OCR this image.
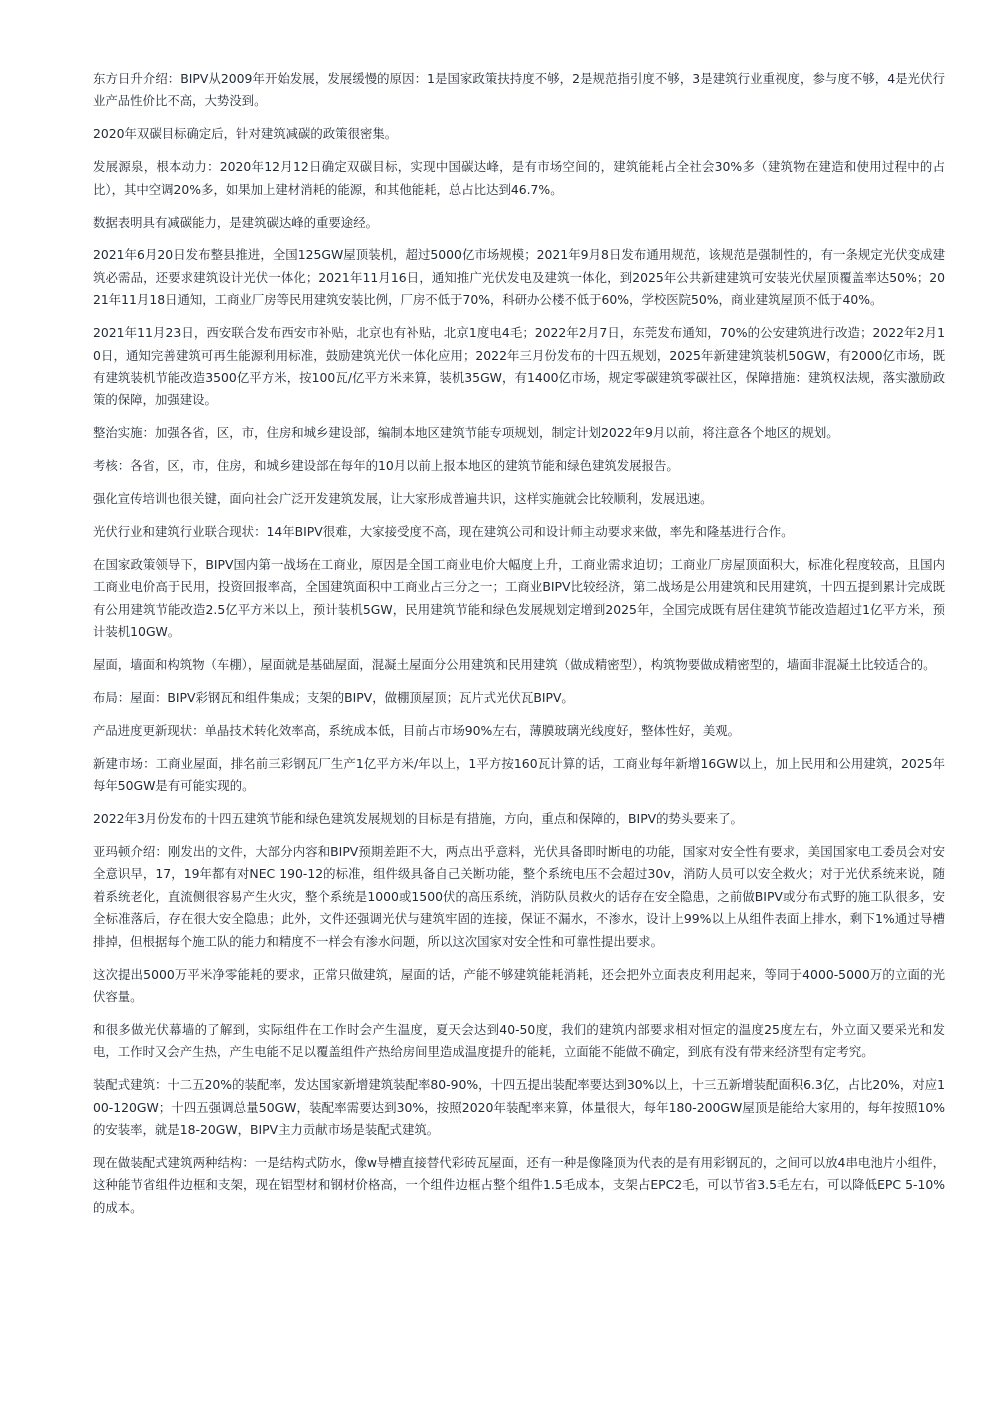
东方日升介绍：BIPV从2009年开始发展，发展缓慢的原因：1是国家政策扶持度不够，2是规范指引度不够，3是建筑行业重视度，参与度不够，4是光伏行业产品性价比不高，大势没到。

2020年双碳目标确定后，针对建筑减碳的政策很密集。

发展源泉，根本动力：2020年12月12日确定双碳目标，实现中国碳达峰，是有市场空间的，建筑能耗占全社会30%多（建筑物在建造和使用过程中的占比），其中空调20%多，如果加上建材消耗的能源，和其他能耗，总占比达到46.7%。

数据表明具有减碳能力，是建筑碳达峰的重要途经。

2021年6月20日发布整县推进，全国125GW屋顶装机，超过5000亿市场规模；2021年9月8日发布通用规范，该规范是强制性的，有一条规定光伏变成建筑必需品，还要求建筑设计光伏一体化；2021年11月16日，通知推广光伏发电及建筑一体化，到2025年公共新建建筑可安装光伏屋顶覆盖率达50%；2021年11月18日通知，工商业厂房等民用建筑安装比例，厂房不低于70%，科研办公楼不低于60%，学校医院50%，商业建筑屋顶不低于40%。

2021年11月23日，西安联合发布西安市补贴，北京也有补贴，北京1度电4毛；2022年2月7日，东莞发布通知，70%的公安建筑进行改造；2022年2月10日，通知完善建筑可再生能源利用标准，鼓励建筑光伏一体化应用；2022年三月份发布的十四五规划，2025年新建建筑装机50GW，有2000亿市场，既有建筑装机节能改造3500亿平方米，按100瓦/亿平方米来算，装机35GW，有1400亿市场，规定零碳建筑零碳社区，保障措施：建筑权法规，落实激励政策的保障，加强建设。

整治实施：加强各省，区，市，住房和城乡建设部，编制本地区建筑节能专项规划，制定计划2022年9月以前，将注意各个地区的规划。

考核：各省，区，市，住房，和城乡建设部在每年的10月以前上报本地区的建筑节能和绿色建筑发展报告。

强化宣传培训也很关键，面向社会广泛开发建筑发展，让大家形成普遍共识，这样实施就会比较顺利，发展迅速。

光伏行业和建筑行业联合现状：14年BIPV很难，大家接受度不高，现在建筑公司和设计师主动要求来做，率先和隆基进行合作。

在国家政策领导下，BIPV国内第一战场在工商业，原因是全国工商业电价大幅度上升，工商业需求迫切；工商业厂房屋顶面积大，标准化程度较高，且国内工商业电价高于民用，投资回报率高，全国建筑面积中工商业占三分之一；工商业BIPV比较经济，第二战场是公用建筑和民用建筑，十四五提到累计完成既有公用建筑节能改造2.5亿平方米以上，预计装机5GW，民用建筑节能和绿色发展规划定增到2025年，全国完成既有居住建筑节能改造超过1亿平方米，预计装机10GW。

屋面，墙面和构筑物（车棚），屋面就是基础屋面，混凝土屋面分公用建筑和民用建筑（做成精密型），构筑物要做成精密型的，墙面非混凝土比较适合的。

布局：屋面：BIPV彩钢瓦和组件集成；支架的BIPV，做棚顶屋顶；瓦片式光伏瓦BIPV。

产品进度更新现状：单晶技术转化效率高，系统成本低，目前占市场90%左右，薄膜玻璃光线度好，整体性好，美观。

新建市场：工商业屋面，排名前三彩钢瓦厂生产1亿平方米/年以上，1平方按160瓦计算的话，工商业每年新增16GW以上，加上民用和公用建筑，2025年每年50GW是有可能实现的。

2022年3月份发布的十四五建筑节能和绿色建筑发展规划的目标是有措施，方向，重点和保障的，BIPV的势头要来了。

亚玛顿介绍：刚发出的文件，大部分内容和BIPV预期差距不大，两点出乎意料，光伏具备即时断电的功能，国家对安全性有要求，美国国家电工委员会对安全意识早，17，19年都有对NEC 190-12的标准，组件级具备自己关断功能，整个系统电压不会超过30v，消防人员可以安全救火；对于光伏系统来说，随着系统老化，直流侧很容易产生火灾，整个系统是1000或1500伏的高压系统，消防队员救火的话存在安全隐患，之前做BIPV或分布式野的施工队很多，安全标准落后，存在很大安全隐患；此外，文件还强调光伏与建筑牢固的连接，保证不漏水，不渗水，设计上99%以上从组件表面上排水，剩下1%通过导槽排掉，但根据每个施工队的能力和精度不一样会有渗水问题，所以这次国家对安全性和可靠性提出要求。

这次提出5000万平米净零能耗的要求，正常只做建筑，屋面的话，产能不够建筑能耗消耗，还会把外立面表皮利用起来，等同于4000-5000万的立面的光伏容量。

和很多做光伏幕墙的了解到，实际组件在工作时会产生温度，夏天会达到40-50度，我们的建筑内部要求相对恒定的温度25度左右，外立面又要采光和发电，工作时又会产生热，产生电能不足以覆盖组件产热给房间里造成温度提升的能耗，立面能不能做不确定，到底有没有带来经济型有定考究。

装配式建筑：十二五20%的装配率，发达国家新增建筑装配率80-90%，十四五提出装配率要达到30%以上，十三五新增装配面积6.3亿，占比20%，对应100-120GW；十四五强调总量50GW，装配率需要达到30%，按照2020年装配率来算，体量很大，每年180-200GW屋顶是能给大家用的，每年按照10%的安装率，就是18-20GW，BIPV主力贡献市场是装配式建筑。

现在做装配式建筑两种结构：一是结构式防水，像w导槽直接替代彩砖瓦屋面，还有一种是像隆顶为代表的是有用彩钢瓦的，之间可以放4串电池片小组件，这种能节省组件边框和支架，现在铝型材和钢材价格高，一个组件边框占整个组件1.5毛成本，支架占EPC2毛，可以节省3.5毛左右，可以降低EPC 5-10%的成本。
